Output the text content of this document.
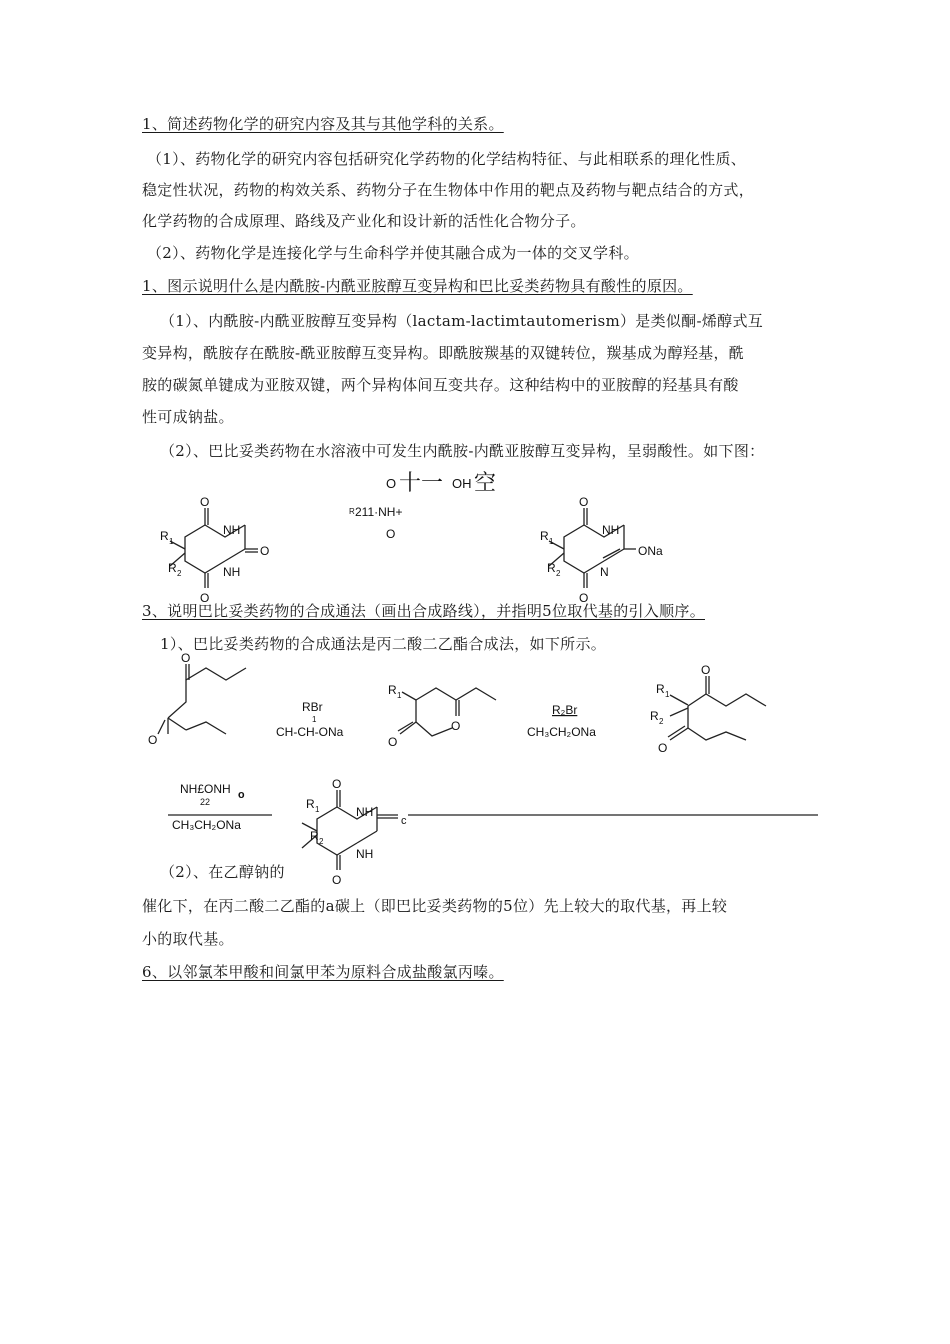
1、简述药物化学的研究内容及其与其他学科的关系。
（1）、药物化学的研究内容包括研究化学药物的化学结构特征、与此相联系的理化性质、
稳定性状况，药物的构效关系、药物分子在生物体中作用的靶点及药物与靶点结合的方式，
化学药物的合成原理、路线及产业化和设计新的活性化合物分子。
（2）、药物化学是连接化学与生命科学并使其融合成为一体的交叉学科。
1、图示说明什么是内酰胺-内酰亚胺醇互变异构和巴比妥类药物具有酸性的原因。
（1）、内酰胺-内酰亚胺醇互变异构（lactam-lactimtautomerism）是类似酮-烯醇式互
变异构，酰胺存在酰胺-酰亚胺醇互变异构。即酰胺羰基的双键转位，羰基成为醇羟基，酰
胺的碳氮单键成为亚胺双键，两个异构体间互变共存。这种结构中的亚胺醇的羟基具有酸
性可成钠盐。
（2）、巴比妥类药物在水溶液中可发生内酰胺-内酰亚胺醇互变异构，呈弱酸性。如下图：
3、说明巴比妥类药物的合成通法（画出合成路线），并指明5位取代基的引入顺序。
1）、巴比妥类药物的合成通法是丙二酸二乙酯合成法，如下所示。
（2）、在乙醇钠的
催化下，在丙二酸二乙酯的a碳上（即巴比妥类药物的5位）先上较大的取代基，再上较
小的取代基。
6、以邻氯苯甲酸和间氯甲苯为原料合成盐酸氯丙嗪。
O 十一 OH 空
R 211·NH+
O
O
O
O
NH
NH
R 1
R 2
O
O
ONa
NH
N
R 1
R 2
O
O
RBr
1
CH-CH-ONa
R 1
O
O
R₂Br
CH₃CH₂ONa
O
R 1
R 2
O
NH£ONH ₒ
22
CH₃CH₂ONa
O
O
NH
NH
R 1
R 2
c
